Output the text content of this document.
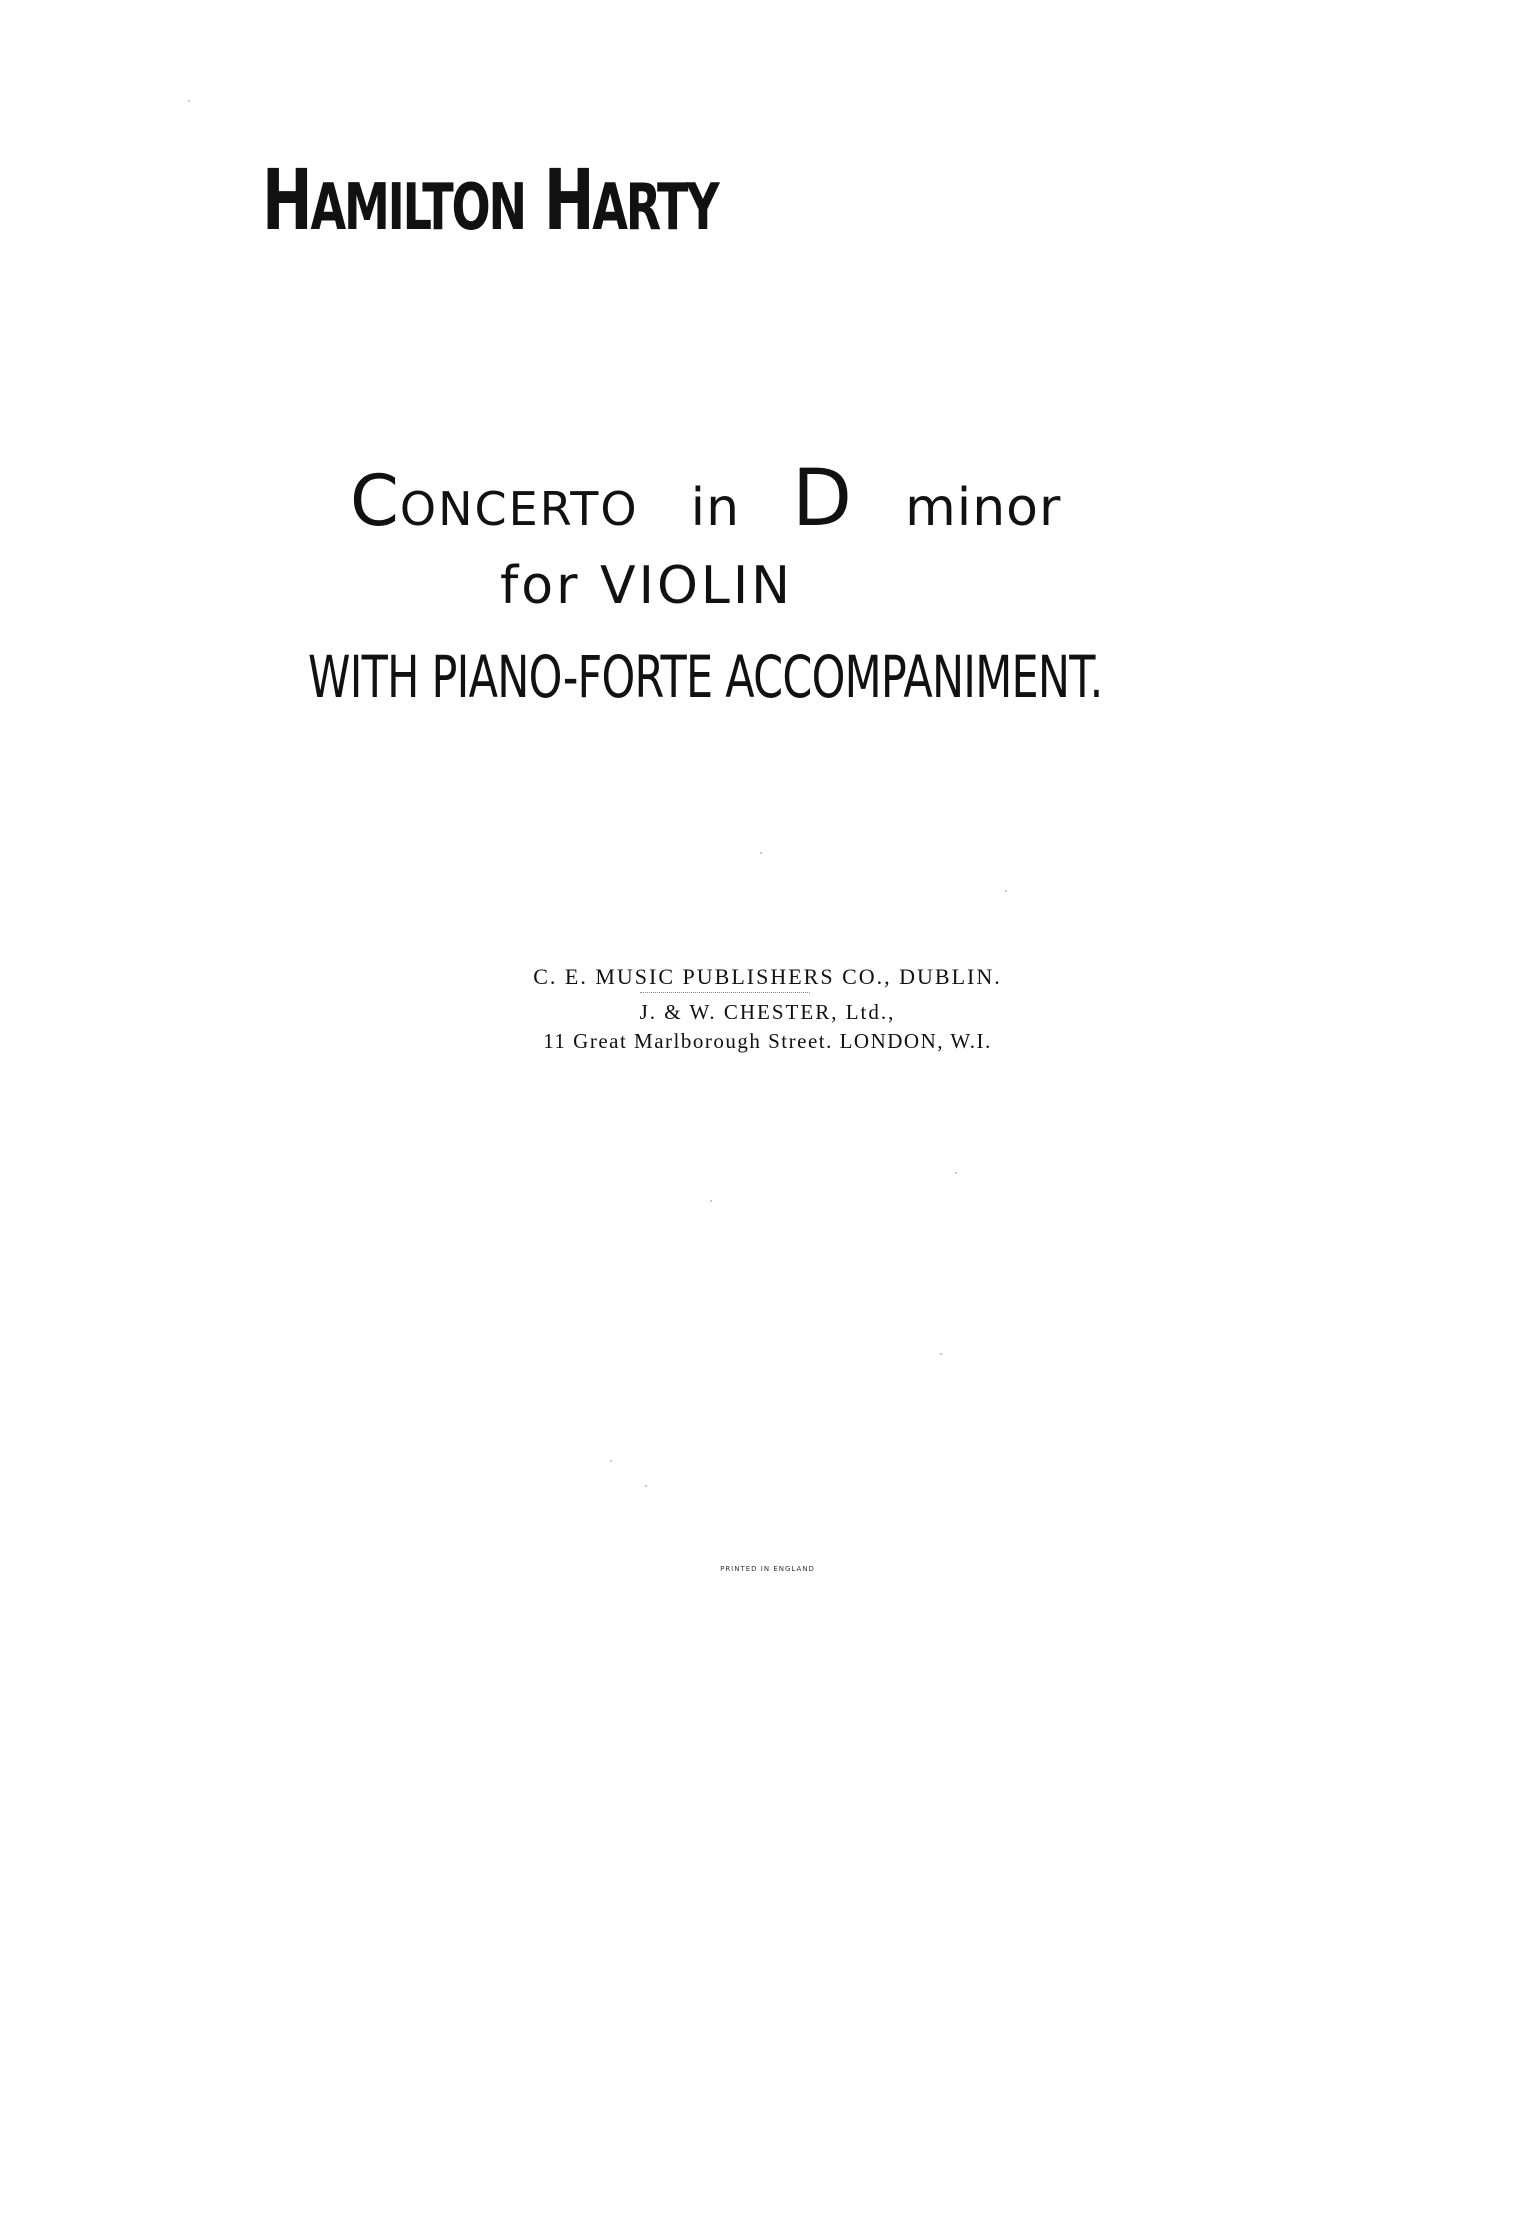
HAMILTON HARTY
CONCERTO in D minor
for VIOLIN
WITH PIANO-FORTE ACCOMPANIMENT.
C. E. MUSIC PUBLISHERS CO., DUBLIN.
J. & W. CHESTER, Ltd.,
11 Great Marlborough Street. LONDON, W.I.
PRINTED IN ENGLAND
